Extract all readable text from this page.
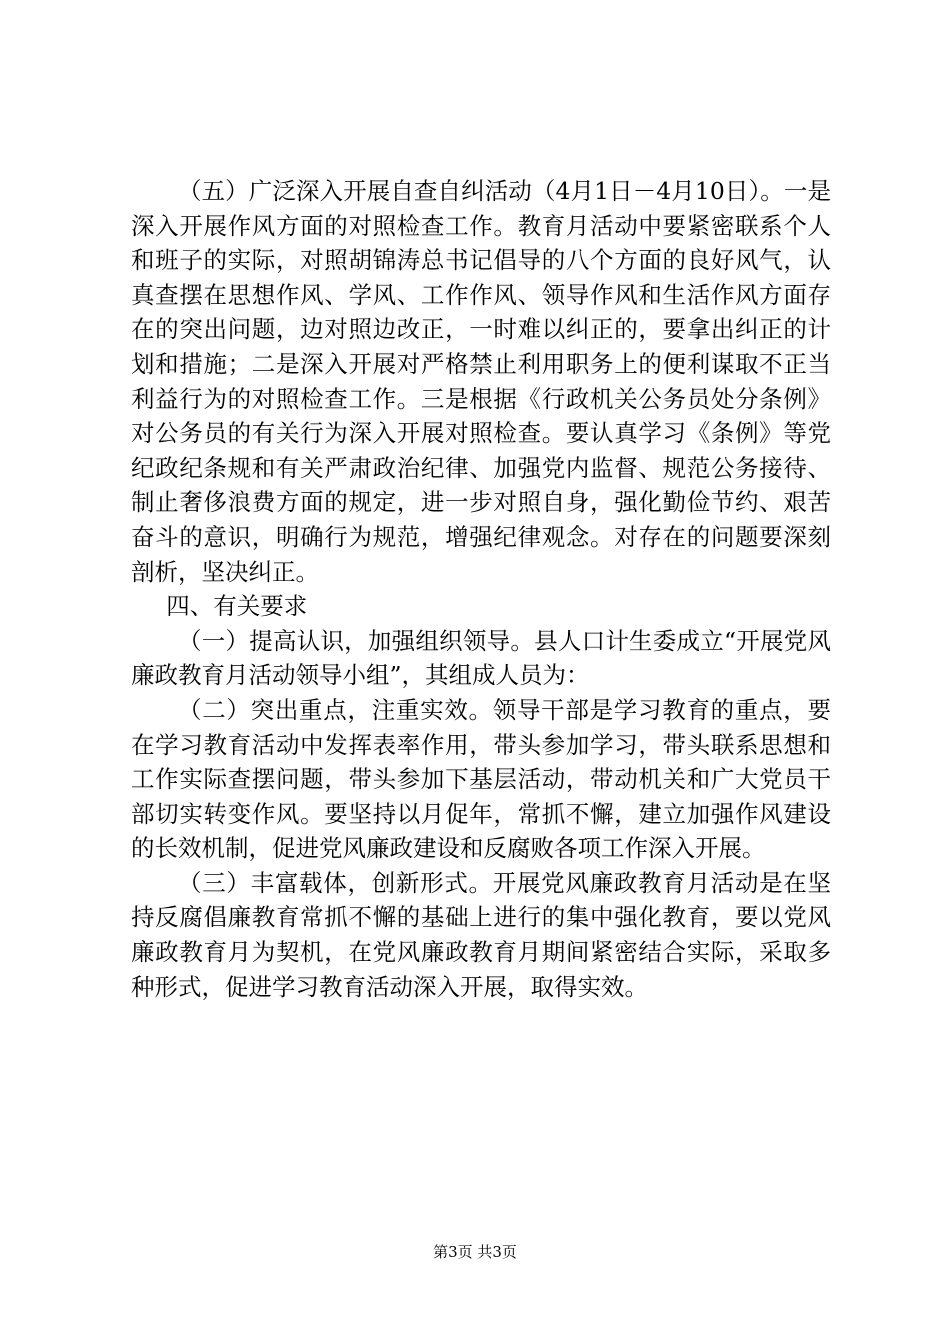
（五）广泛深入开展自查自纠活动（4月1日－4月10日）。一是深入开展作风方面的对照检查工作。教育月活动中要紧密联系个人和班子的实际，对照胡锦涛总书记倡导的八个方面的良好风气，认真查摆在思想作风、学风、工作作风、领导作风和生活作风方面存在的突出问题，边对照边改正，一时难以纠正的，要拿出纠正的计划和措施；二是深入开展对严格禁止利用职务上的便利谋取不正当利益行为的对照检查工作。三是根据《行政机关公务员处分条例》对公务员的有关行为深入开展对照检查。要认真学习《条例》等党纪政纪条规和有关严肃政治纪律、加强党内监督、规范公务接待、制止奢侈浪费方面的规定，进一步对照自身，强化勤俭节约、艰苦奋斗的意识，明确行为规范，增强纪律观念。对存在的问题要深刻剖析，坚决纠正。

四、有关要求

（一）提高认识，加强组织领导。县人口计生委成立“开展党风廉政教育月活动领导小组”，其组成人员为：

（二）突出重点，注重实效。领导干部是学习教育的重点，要在学习教育活动中发挥表率作用，带头参加学习，带头联系思想和工作实际查摆问题，带头参加下基层活动，带动机关和广大党员干部切实转变作风。要坚持以月促年，常抓不懈，建立加强作风建设的长效机制，促进党风廉政建设和反腐败各项工作深入开展。

（三）丰富载体，创新形式。开展党风廉政教育月活动是在坚持反腐倡廉教育常抓不懈的基础上进行的集中强化教育，要以党风廉政教育月为契机，在党风廉政教育月期间紧密结合实际，采取多种形式，促进学习教育活动深入开展，取得实效。

第3页 共3页
